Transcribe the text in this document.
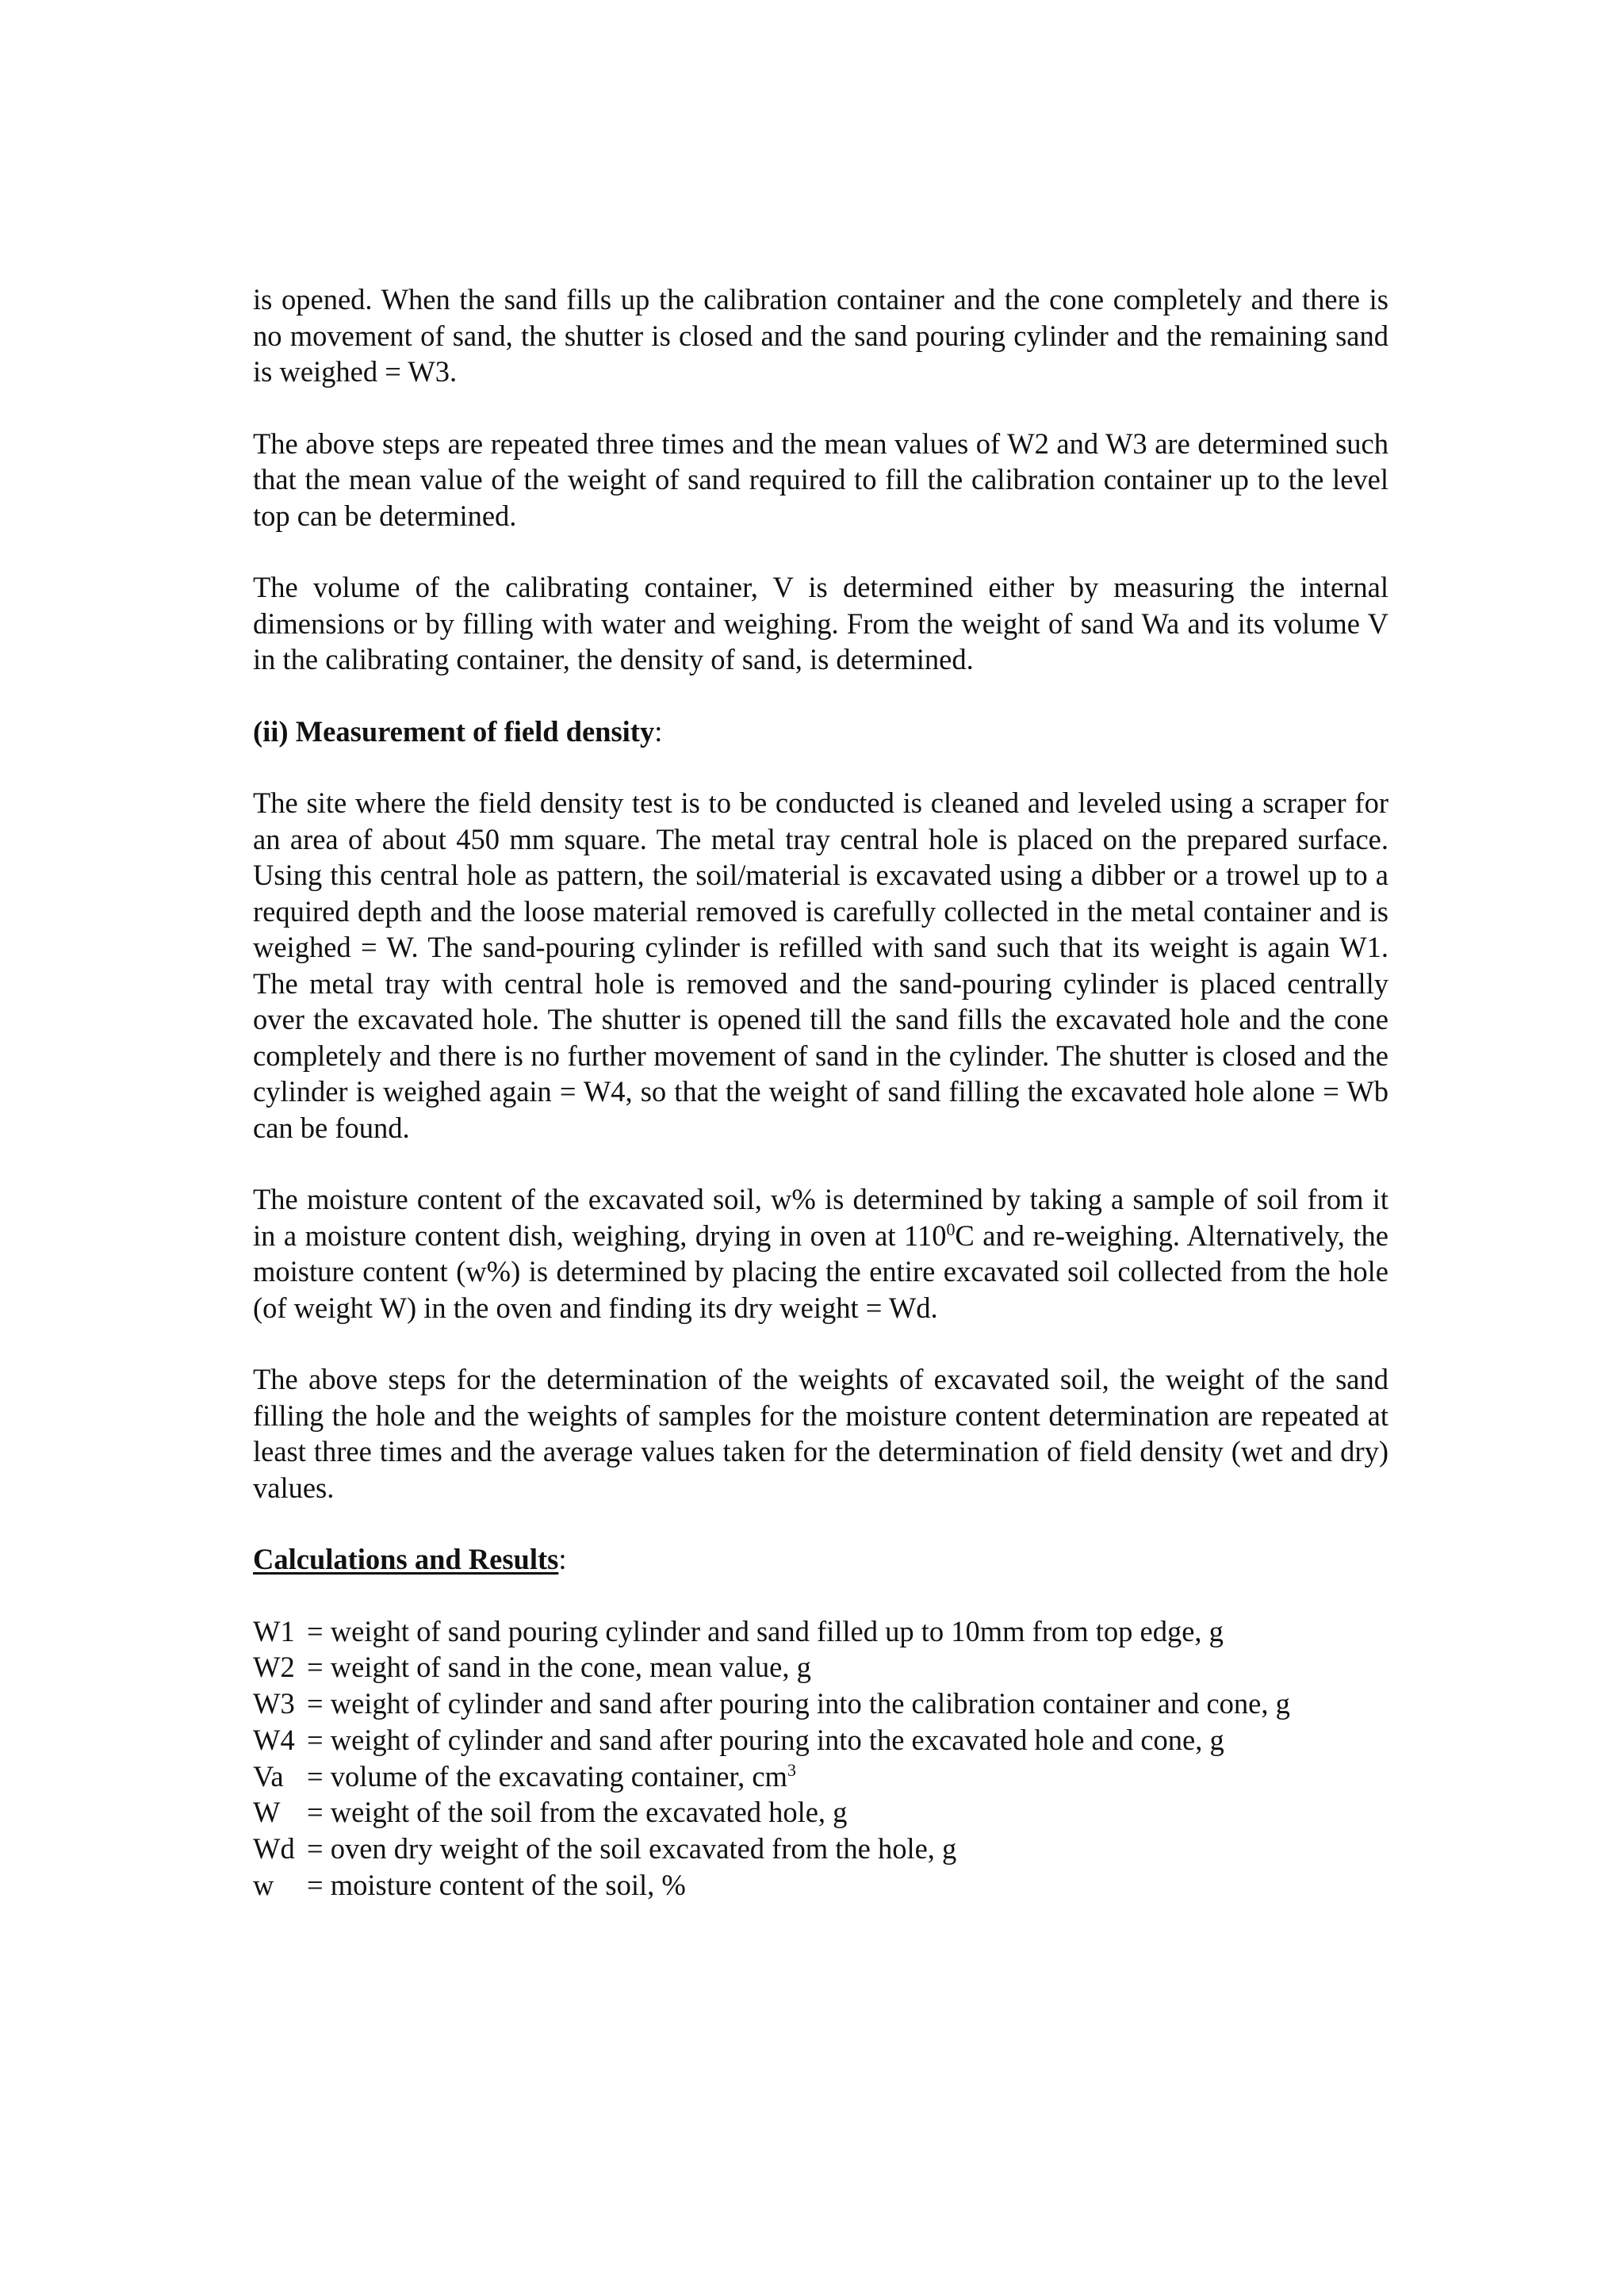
is opened. When the sand fills up the calibration container and the cone completely and there is no movement of sand, the shutter is closed and the sand pouring cylinder and the remaining sand is weighed = W3.

The above steps are repeated three times and the mean values of W2 and W3 are determined such that the mean value of the weight of sand required to fill the calibration container up to the level top can be determined.

The volume of the calibrating container, V is determined either by measuring the internal dimensions or by filling with water and weighing. From the weight of sand Wa and its volume V in the calibrating container, the density of sand, is determined.

(ii) Measurement of field density:

The site where the field density test is to be conducted is cleaned and leveled using a scraper for an area of about 450 mm square. The metal tray central hole is placed on the prepared surface. Using this central hole as pattern, the soil/material is excavated using a dibber or a trowel up to a required depth and the loose material removed is carefully collected in the metal container and is weighed = W. The sand-pouring cylinder is refilled with sand such that its weight is again W1. The metal tray with central hole is removed and the sand-pouring cylinder is placed centrally over the excavated hole. The shutter is opened till the sand fills the excavated hole and the cone completely and there is no further movement of sand in the cylinder. The shutter is closed and the cylinder is weighed again = W4, so that the weight of sand filling the excavated hole alone = Wb can be found.

The moisture content of the excavated soil, w% is determined by taking a sample of soil from it in a moisture content dish, weighing, drying in oven at $110^0C$ and re-weighing. Alternatively, the moisture content (w%) is determined by placing the entire excavated soil collected from the hole (of weight W) in the oven and finding its dry weight = Wd.

The above steps for the determination of the weights of excavated soil, the weight of the sand filling the hole and the weights of samples for the moisture content determination are repeated at least three times and the average values taken for the determination of field density (wet and dry) values.

Calculations and Results:

W1 = weight of sand pouring cylinder and sand filled up to 10mm from top edge, g
W2 = weight of sand in the cone, mean value, g
W3 = weight of cylinder and sand after pouring into the calibration container and cone, g
W4 = weight of cylinder and sand after pouring into the excavated hole and cone, g
Va = volume of the excavating container, $cm^3$
W = weight of the soil from the excavated hole, g
Wd = oven dry weight of the soil excavated from the hole, g
w	= moisture content of the soil, %
